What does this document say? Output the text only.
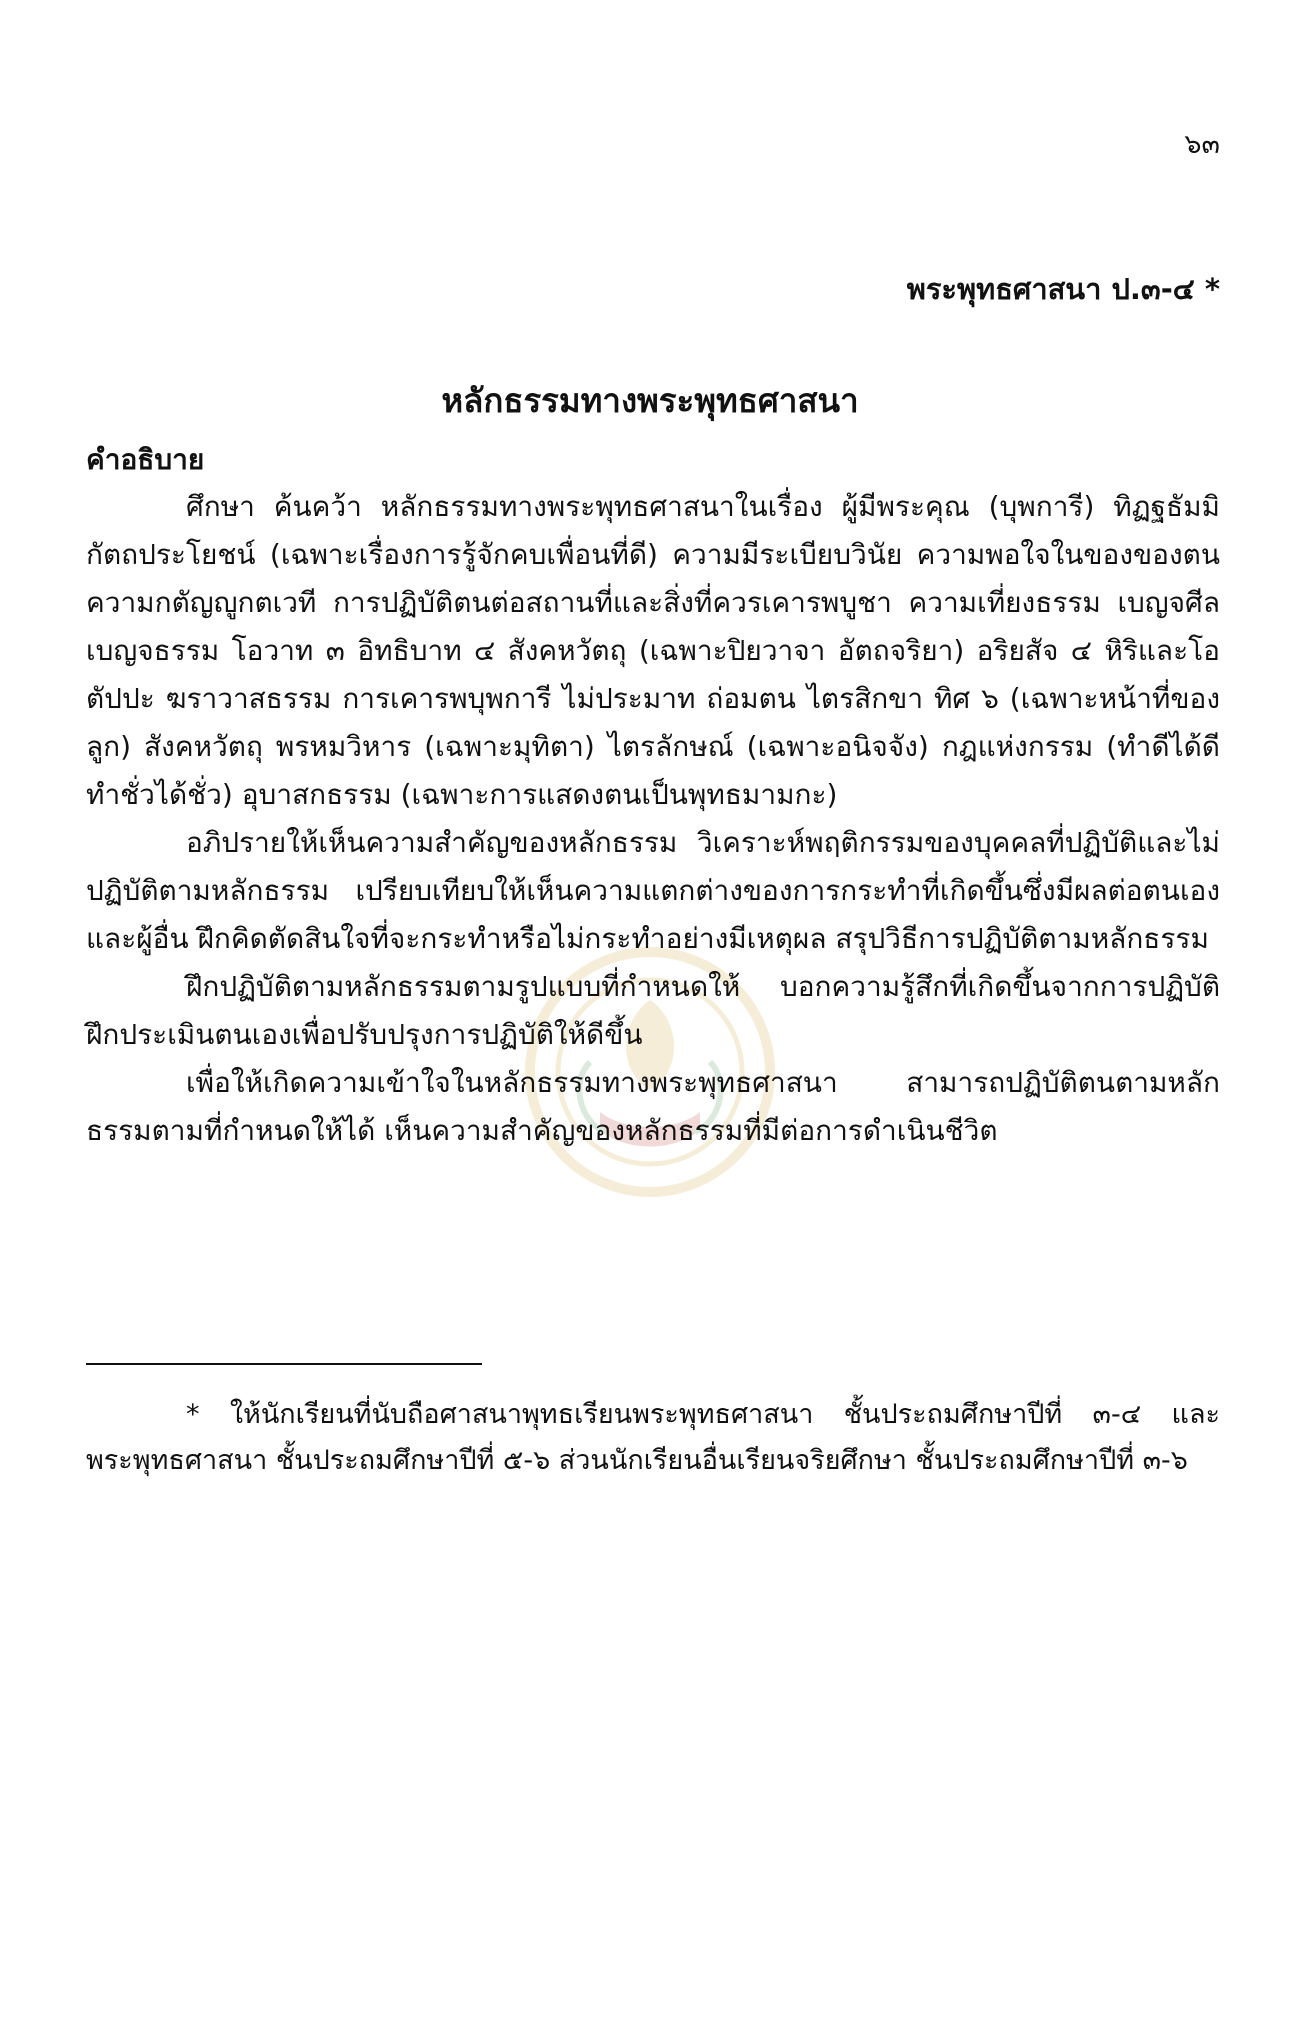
๖๓
พระพุทธศาสนา ป.๓-๔ *
หลักธรรมทางพระพุทธศาสนา
คำอธิบาย

ศึกษา ค้นคว้า หลักธรรมทางพระพุทธศาสนาในเรื่อง ผู้มีพระคุณ (บุพการี) ทิฏฐธัมมิกัตถประโยชน์ (เฉพาะเรื่องการรู้จักคบเพื่อนที่ดี) ความมีระเบียบวินัย ความพอใจในของของตน ความกตัญญูกตเวที การปฏิบัติตนต่อสถานที่และสิ่งที่ควรเคารพบูชา ความเที่ยงธรรม เบญจศีล เบญจธรรม โอวาท ๓ อิทธิบาท ๔ สังคหวัตถุ (เฉพาะปิยวาจา อัตถจริยา) อริยสัจ ๔ หิริและโอตัปปะ ฆราวาสธรรม การเคารพบุพการี ไม่ประมาท ถ่อมตน ไตรสิกขา ทิศ ๖ (เฉพาะหน้าที่ของลูก) สังคหวัตถุ พรหมวิหาร (เฉพาะมุทิตา) ไตรลักษณ์ (เฉพาะอนิจจัง) กฎแห่งกรรม (ทำดีได้ดี ทำชั่วได้ชั่ว) อุบาสกธรรม (เฉพาะการแสดงตนเป็นพุทธมามกะ)

อภิปรายให้เห็นความสำคัญของหลักธรรม วิเคราะห์พฤติกรรมของบุคคลที่ปฏิบัติและไม่ปฏิบัติตามหลักธรรม เปรียบเทียบให้เห็นความแตกต่างของการกระทำที่เกิดขึ้นซึ่งมีผลต่อตนเองและผู้อื่น ฝึกคิดตัดสินใจที่จะกระทำหรือไม่กระทำอย่างมีเหตุผล สรุปวิธีการปฏิบัติตามหลักธรรม

ฝึกปฏิบัติตามหลักธรรมตามรูปแบบที่กำหนดให้ บอกความรู้สึกที่เกิดขึ้นจากการปฏิบัติ ฝึกประเมินตนเองเพื่อปรับปรุงการปฏิบัติให้ดีขึ้น

เพื่อให้เกิดความเข้าใจในหลักธรรมทางพระพุทธศาสนา สามารถปฏิบัติตนตามหลักธรรมตามที่กำหนดให้ได้ เห็นความสำคัญของหลักธรรมที่มีต่อการดำเนินชีวิต

* ให้นักเรียนที่นับถือศาสนาพุทธเรียนพระพุทธศาสนา ชั้นประถมศึกษาปีที่ ๓-๔ และพระพุทธศาสนา ชั้นประถมศึกษาปีที่ ๕-๖ ส่วนนักเรียนอื่นเรียนจริยศึกษา ชั้นประถมศึกษาปีที่ ๓-๖
